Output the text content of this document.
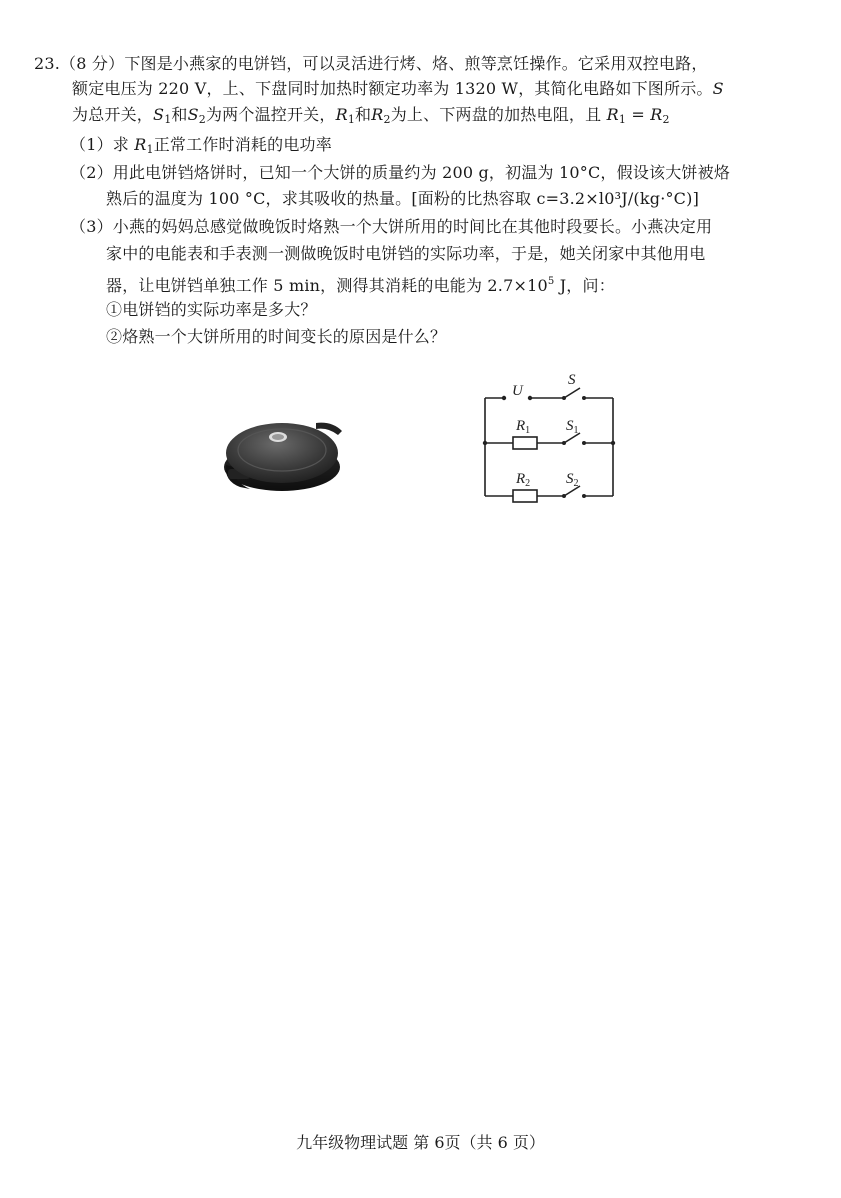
23.（8 分）下图是小燕家的电饼铛，可以灵活进行烤、烙、煎等烹饪操作。它采用双控电路，
额定电压为 220 V，上、下盘同时加热时额定功率为 1320 W，其简化电路如下图所示。S
为总开关，$S_1$和$S_2$为两个温控开关，$R_1$和$R_2$为上、下两盘的加热电阻，且 $R_1 = R_2$
（1）求 $R_1$正常工作时消耗的电功率
（2）用此电饼铛烙饼时，已知一个大饼的质量约为 200 g，初温为 10°C，假设该大饼被烙
熟后的温度为 100 °C，求其吸收的热量。[面粉的比热容取 c=3.2×l0³J/(kg·°C)]
（3）小燕的妈妈总感觉做晚饭时烙熟一个大饼所用的时间比在其他时段要长。小燕决定用
家中的电能表和手表测一测做晚饭时电饼铛的实际功率，于是，她关闭家中其他用电
器，让电饼铛单独工作 5 min，测得其消耗的电能为 $2.7\times 10^5$ J，问：
①电饼铛的实际功率是多大？
②烙熟一个大饼所用的时间变长的原因是什么？
U
S
$R_1$ $S_1$
$R_2$ $S_2$
九年级物理试题 第 6页（共 6 页）
